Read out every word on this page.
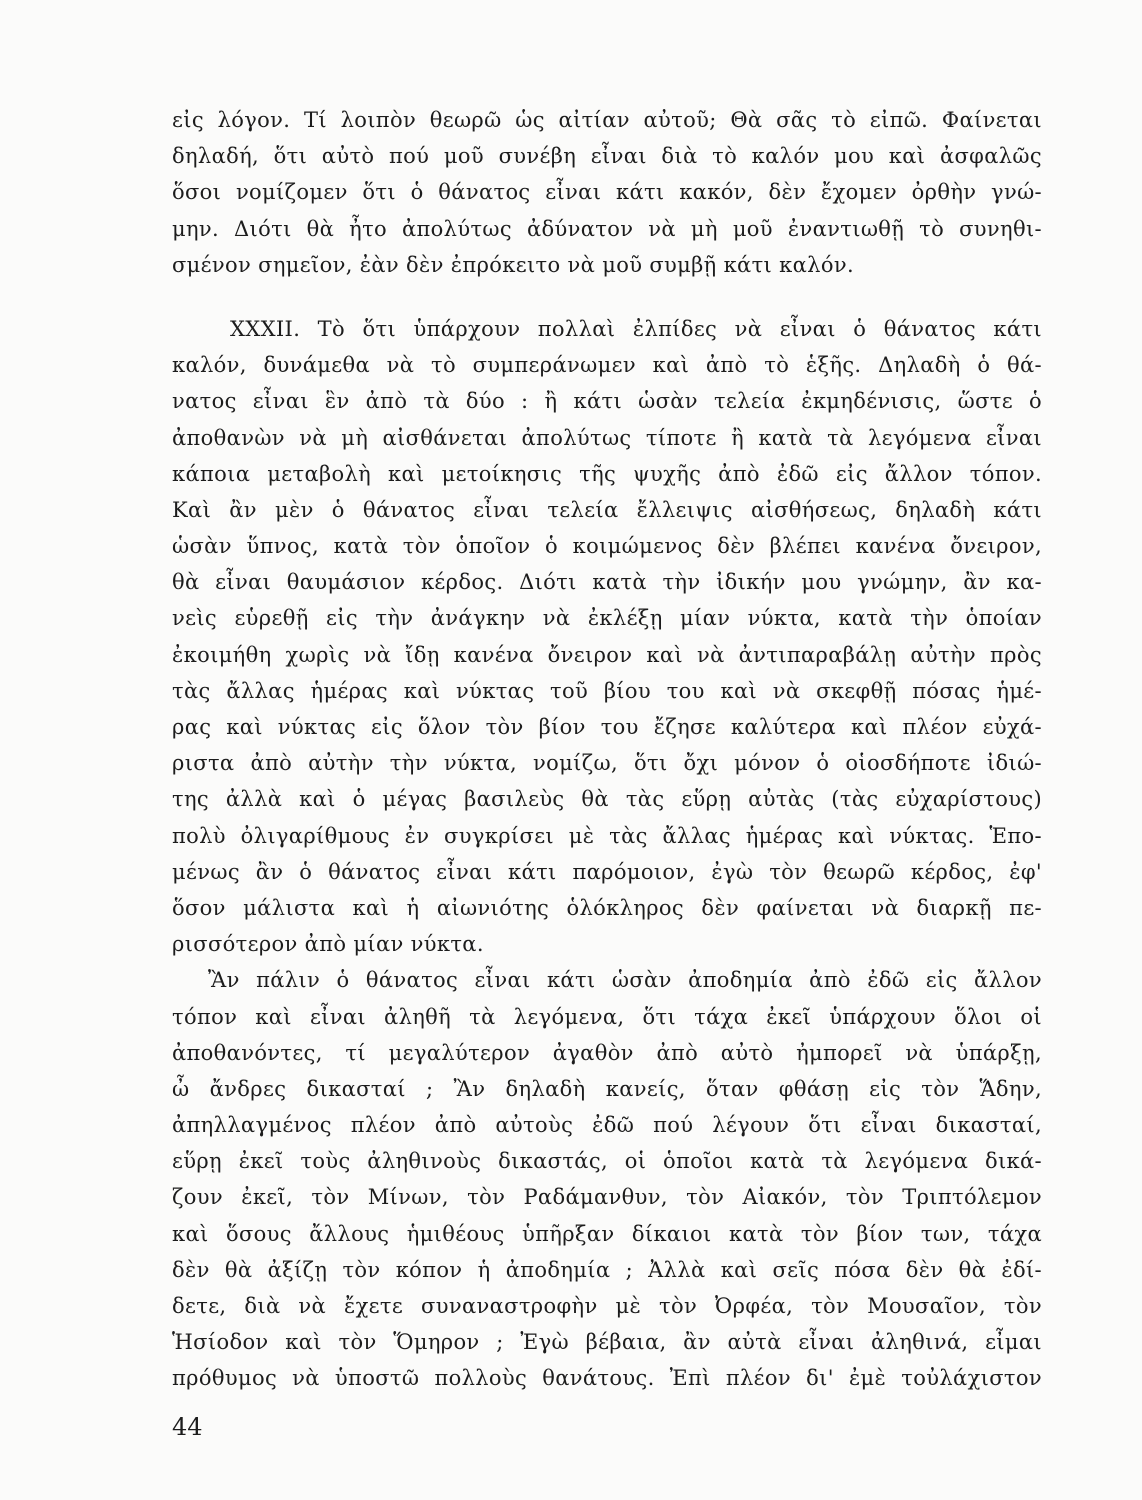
εἰς λόγον. Τί λοιπὸν θεωρῶ ὡς αἰτίαν αὐτοῦ; Θὰ σᾶς τὸ εἰπῶ. Φαίνεται
δηλαδή, ὅτι αὐτὸ πού μοῦ συνέβη εἶναι διὰ τὸ καλόν μου καὶ ἀσφαλῶς
ὅσοι νομίζομεν ὅτι ὁ θάνατος εἶναι κάτι κακόν, δὲν ἔχομεν ὀρθὴν γνώ-
μην. Διότι θὰ ἦτο ἀπολύτως ἀδύνατον νὰ μὴ μοῦ ἐναντιωθῇ τὸ συνηθι-
σμένον σημεῖον, ἐὰν δὲν ἐπρόκειτο νὰ μοῦ συμβῇ κάτι καλόν.
XXXII. Τὸ ὅτι ὑπάρχουν πολλαὶ ἐλπίδες νὰ εἶναι ὁ θάνατος κάτι
καλόν, δυνάμεθα νὰ τὸ συμπεράνωμεν καὶ ἀπὸ τὸ ἑξῆς. Δηλαδὴ ὁ θά-
νατος εἶναι ἓν ἀπὸ τὰ δύο : ἢ κάτι ὡσὰν τελεία ἐκμηδένισις, ὥστε ὁ
ἀποθανὼν νὰ μὴ αἰσθάνεται ἀπολύτως τίποτε ἢ κατὰ τὰ λεγόμενα εἶναι
κάποια μεταβολὴ καὶ μετοίκησις τῆς ψυχῆς ἀπὸ ἐδῶ εἰς ἄλλον τόπον.
Καὶ ἂν μὲν ὁ θάνατος εἶναι τελεία ἔλλειψις αἰσθήσεως, δηλαδὴ κάτι
ὡσὰν ὕπνος, κατὰ τὸν ὁποῖον ὁ κοιμώμενος δὲν βλέπει κανένα ὄνειρον,
θὰ εἶναι θαυμάσιον κέρδος. Διότι κατὰ τὴν ἰδικήν μου γνώμην, ἂν κα-
νεὶς εὑρεθῇ εἰς τὴν ἀνάγκην νὰ ἐκλέξῃ μίαν νύκτα, κατὰ τὴν ὁποίαν
ἐκοιμήθη χωρὶς νὰ ἴδῃ κανένα ὄνειρον καὶ νὰ ἀντιπαραβάλῃ αὐτὴν πρὸς
τὰς ἄλλας ἡμέρας καὶ νύκτας τοῦ βίου του καὶ νὰ σκεφθῇ πόσας ἡμέ-
ρας καὶ νύκτας εἰς ὅλον τὸν βίον του ἔζησε καλύτερα καὶ πλέον εὐχά-
ριστα ἀπὸ αὐτὴν τὴν νύκτα, νομίζω, ὅτι ὄχι μόνον ὁ οἱοσδήποτε ἰδιώ-
της ἀλλὰ καὶ ὁ μέγας βασιλεὺς θὰ τὰς εὕρῃ αὐτὰς (τὰς εὐχαρίστους)
πολὺ ὀλιγαρίθμους ἐν συγκρίσει μὲ τὰς ἄλλας ἡμέρας καὶ νύκτας. Ἑπο-
μένως ἂν ὁ θάνατος εἶναι κάτι παρόμοιον, ἐγὼ τὸν θεωρῶ κέρδος, ἐφ'
ὅσον μάλιστα καὶ ἡ αἰωνιότης ὁλόκληρος δὲν φαίνεται νὰ διαρκῇ πε-
ρισσότερον ἀπὸ μίαν νύκτα.
Ἂν πάλιν ὁ θάνατος εἶναι κάτι ὡσὰν ἀποδημία ἀπὸ ἐδῶ εἰς ἄλλον
τόπον καὶ εἶναι ἀληθῆ τὰ λεγόμενα, ὅτι τάχα ἐκεῖ ὑπάρχουν ὅλοι οἱ
ἀποθανόντες, τί μεγαλύτερον ἀγαθὸν ἀπὸ αὐτὸ ἠμπορεῖ νὰ ὑπάρξῃ,
ὦ ἄνδρες δικασταί ; Ἂν δηλαδὴ κανείς, ὅταν φθάσῃ εἰς τὸν Ἅδην,
ἀπηλλαγμένος πλέον ἀπὸ αὐτοὺς ἐδῶ πού λέγουν ὅτι εἶναι δικασταί,
εὕρῃ ἐκεῖ τοὺς ἀληθινοὺς δικαστάς, οἱ ὁποῖοι κατὰ τὰ λεγόμενα δικά-
ζουν ἐκεῖ, τὸν Μίνων, τὸν Ραδάμανθυν, τὸν Αἰακόν, τὸν Τριπτόλεμον
καὶ ὅσους ἄλλους ἡμιθέους ὑπῆρξαν δίκαιοι κατὰ τὸν βίον των, τάχα
δὲν θὰ ἀξίζῃ τὸν κόπον ἡ ἀποδημία ; Ἀλλὰ καὶ σεῖς πόσα δὲν θὰ ἐδί-
δετε, διὰ νὰ ἔχετε συναναστροφὴν μὲ τὸν Ὀρφέα, τὸν Μουσαῖον, τὸν
Ἡσίοδον καὶ τὸν Ὅμηρον ; Ἐγὼ βέβαια, ἂν αὐτὰ εἶναι ἀληθινά, εἶμαι
πρόθυμος νὰ ὑποστῶ πολλοὺς θανάτους. Ἐπὶ πλέον δι' ἐμὲ τοὐλάχιστον
44
